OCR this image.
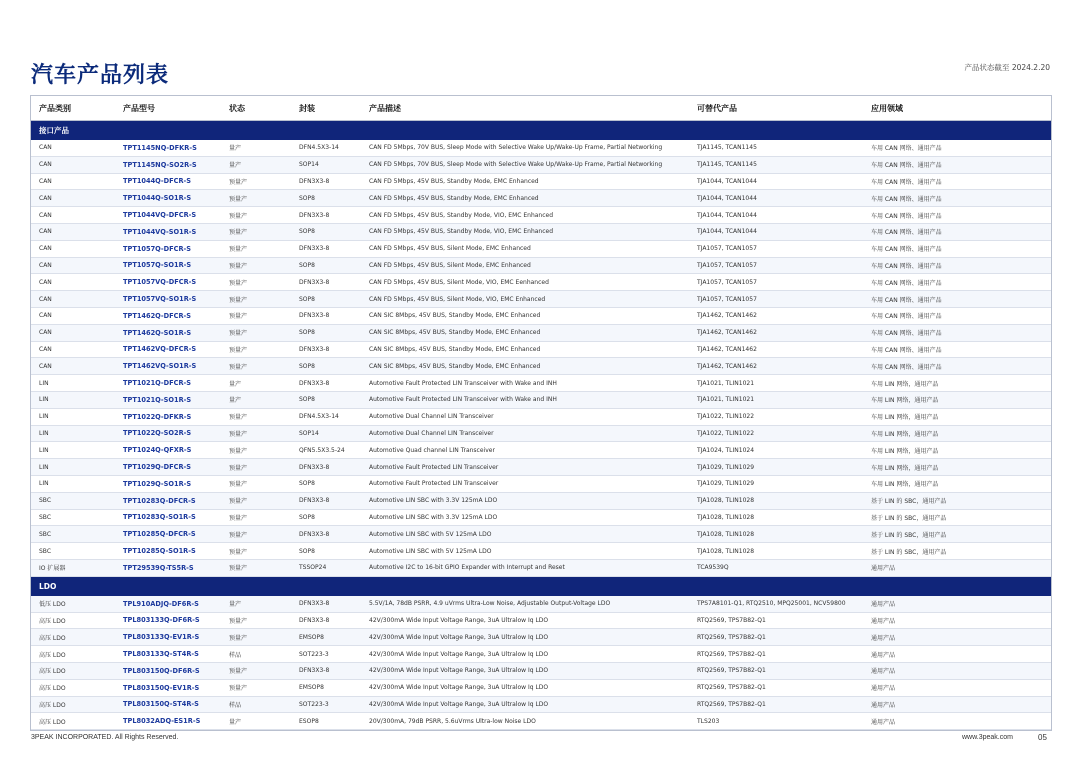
汽车产品列表	产品状态截至 2024.2.20
产品类别	产品型号	状态	封装	产品描述	可替代产品	应用领域
接口产品						
CAN	TPT1145NQ-DFKR-S	量产	DFN4.5X3-14	CAN FD 5Mbps, 70V BUS, Sleep Mode with Selective Wake Up/Wake-Up Frame, Partial Networking	TJA1145, TCAN1145	车用 CAN 网络、通用产品
CAN	TPT1145NQ-SO2R-S	量产	SOP14	CAN FD 5Mbps, 70V BUS, Sleep Mode with Selective Wake Up/Wake-Up Frame, Partial Networking	TJA1145, TCAN1145	车用 CAN 网络、通用产品
CAN	TPT1044Q-DFCR-S	预量产	DFN3X3-8	CAN FD 5Mbps, 45V BUS, Standby Mode, EMC Enhanced	TJA1044, TCAN1044	车用 CAN 网络、通用产品
CAN	TPT1044Q-SO1R-S	预量产	SOP8	CAN FD 5Mbps, 45V BUS, Standby Mode, EMC Enhanced	TJA1044, TCAN1044	车用 CAN 网络、通用产品
CAN	TPT1044VQ-DFCR-S	预量产	DFN3X3-8	CAN FD 5Mbps, 45V BUS, Standby Mode, VIO, EMC Enhanced	TJA1044, TCAN1044	车用 CAN 网络、通用产品
CAN	TPT1044VQ-SO1R-S	预量产	SOP8	CAN FD 5Mbps, 45V BUS, Standby Mode, VIO, EMC Enhanced	TJA1044, TCAN1044	车用 CAN 网络、通用产品
CAN	TPT1057Q-DFCR-S	预量产	DFN3X3-8	CAN FD 5Mbps, 45V BUS, Silent Mode, EMC Enhanced	TJA1057, TCAN1057	车用 CAN 网络、通用产品
CAN	TPT1057Q-SO1R-S	预量产	SOP8	CAN FD 5Mbps, 45V BUS, Silent Mode, EMC Enhanced	TJA1057, TCAN1057	车用 CAN 网络、通用产品
CAN	TPT1057VQ-DFCR-S	预量产	DFN3X3-8	CAN FD 5Mbps, 45V BUS, Silent Mode, VIO, EMC Eenhanced	TJA1057, TCAN1057	车用 CAN 网络、通用产品
CAN	TPT1057VQ-SO1R-S	预量产	SOP8	CAN FD 5Mbps, 45V BUS, Silent Mode, VIO, EMC Enhanced	TJA1057, TCAN1057	车用 CAN 网络、通用产品
CAN	TPT1462Q-DFCR-S	预量产	DFN3X3-8	CAN SIC 8Mbps, 45V BUS, Standby Mode, EMC Enhanced	TJA1462, TCAN1462	车用 CAN 网络、通用产品
CAN	TPT1462Q-SO1R-S	预量产	SOP8	CAN SIC 8Mbps, 45V BUS, Standby Mode, EMC Enhanced	TJA1462, TCAN1462	车用 CAN 网络、通用产品
CAN	TPT1462VQ-DFCR-S	预量产	DFN3X3-8	CAN SIC 8Mbps, 45V BUS, Standby Mode, EMC Enhanced	TJA1462, TCAN1462	车用 CAN 网络、通用产品
CAN	TPT1462VQ-SO1R-S	预量产	SOP8	CAN SIC 8Mbps, 45V BUS, Standby Mode, EMC Enhanced	TJA1462, TCAN1462	车用 CAN 网络、通用产品
LIN	TPT1021Q-DFCR-S	量产	DFN3X3-8	Automotive Fault Protected LIN Transceiver with Wake and INH	TJA1021, TLIN1021	车用 LIN 网络，通用产品
LIN	TPT1021Q-SO1R-S	量产	SOP8	Automotive Fault Protected LIN Transceiver with Wake and INH	TJA1021, TLIN1021	车用 LIN 网络，通用产品
LIN	TPT1022Q-DFKR-S	预量产	DFN4.5X3-14	Automotive Dual Channel LIN Transceiver	TJA1022, TLIN1022	车用 LIN 网络，通用产品
LIN	TPT1022Q-SO2R-S	预量产	SOP14	Automotive Dual Channel LIN Transceiver	TJA1022, TLIN1022	车用 LIN 网络，通用产品
LIN	TPT1024Q-QFXR-S	预量产	QFN5.5X3.5-24	Automotive Quad channel LIN Transceiver	TJA1024, TLIN1024	车用 LIN 网络，通用产品
LIN	TPT1029Q-DFCR-S	预量产	DFN3X3-8	Automotive Fault Protected LIN Transceiver	TJA1029, TLIN1029	车用 LIN 网络，通用产品
LIN	TPT1029Q-SO1R-S	预量产	SOP8	Automotive Fault Protected LIN Transceiver	TJA1029, TLIN1029	车用 LIN 网络，通用产品
SBC	TPT10283Q-DFCR-S	预量产	DFN3X3-8	Automotive LIN SBC with 3.3V 125mA LDO	TJA1028, TLIN1028	基于 LIN 的 SBC，通用产品
SBC	TPT10283Q-SO1R-S	预量产	SOP8	Automotive LIN SBC with 3.3V 125mA LDO	TJA1028, TLIN1028	基于 LIN 的 SBC，通用产品
SBC	TPT10285Q-DFCR-S	预量产	DFN3X3-8	Automotive LIN SBC with 5V 125mA LDO	TJA1028, TLIN1028	基于 LIN 的 SBC，通用产品
SBC	TPT10285Q-SO1R-S	预量产	SOP8	Automotive LIN SBC with 5V 125mA LDO	TJA1028, TLIN1028	基于 LIN 的 SBC，通用产品
IO 扩展器	TPT29539Q-TS5R-S	预量产	TSSOP24	Automotive I2C to 16-bit GPIO Expander with Interrupt and Reset	TCA9539Q	通用产品
LDO						
低压 LDO	TPL910ADJQ-DF6R-S	量产	DFN3X3-8	5.5V/1A, 78dB PSRR, 4.9 uVrms Ultra-Low Noise, Adjustable Output-Voltage LDO	TPS7A8101-Q1, RTQ2510, MPQ25001, NCV59800	通用产品
高压 LDO	TPL803133Q-DF6R-S	预量产	DFN3X3-8	42V/300mA Wide Input Voltage Range, 3uA Ultralow Iq LDO	RTQ2569, TPS7B82-Q1	通用产品
高压 LDO	TPL803133Q-EV1R-S	预量产	EMSOP8	42V/300mA Wide Input Voltage Range, 3uA Ultralow Iq LDO	RTQ2569, TPS7B82-Q1	通用产品
高压 LDO	TPL803133Q-ST4R-S	样品	SOT223-3	42V/300mA Wide Input Voltage Range, 3uA Ultralow Iq LDO	RTQ2569, TPS7B82-Q1	通用产品
高压 LDO	TPL803150Q-DF6R-S	预量产	DFN3X3-8	42V/300mA Wide Input Voltage Range, 3uA Ultralow Iq LDO	RTQ2569, TPS7B82-Q1	通用产品
高压 LDO	TPL803150Q-EV1R-S	预量产	EMSOP8	42V/300mA Wide Input Voltage Range, 3uA Ultralow Iq LDO	RTQ2569, TPS7B82-Q1	通用产品
高压 LDO	TPL803150Q-ST4R-S	样品	SOT223-3	42V/300mA Wide Input Voltage Range, 3uA Ultralow Iq LDO	RTQ2569, TPS7B82-Q1	通用产品
高压 LDO	TPL8032ADQ-ES1R-S	量产	ESOP8	20V/300mA, 79dB PSRR, 5.6uVrms Ultra-low Noise LDO	TLS203	通用产品
3PEAK INCORPORATED. All Rights Reserved.	www.3peak.com	05
